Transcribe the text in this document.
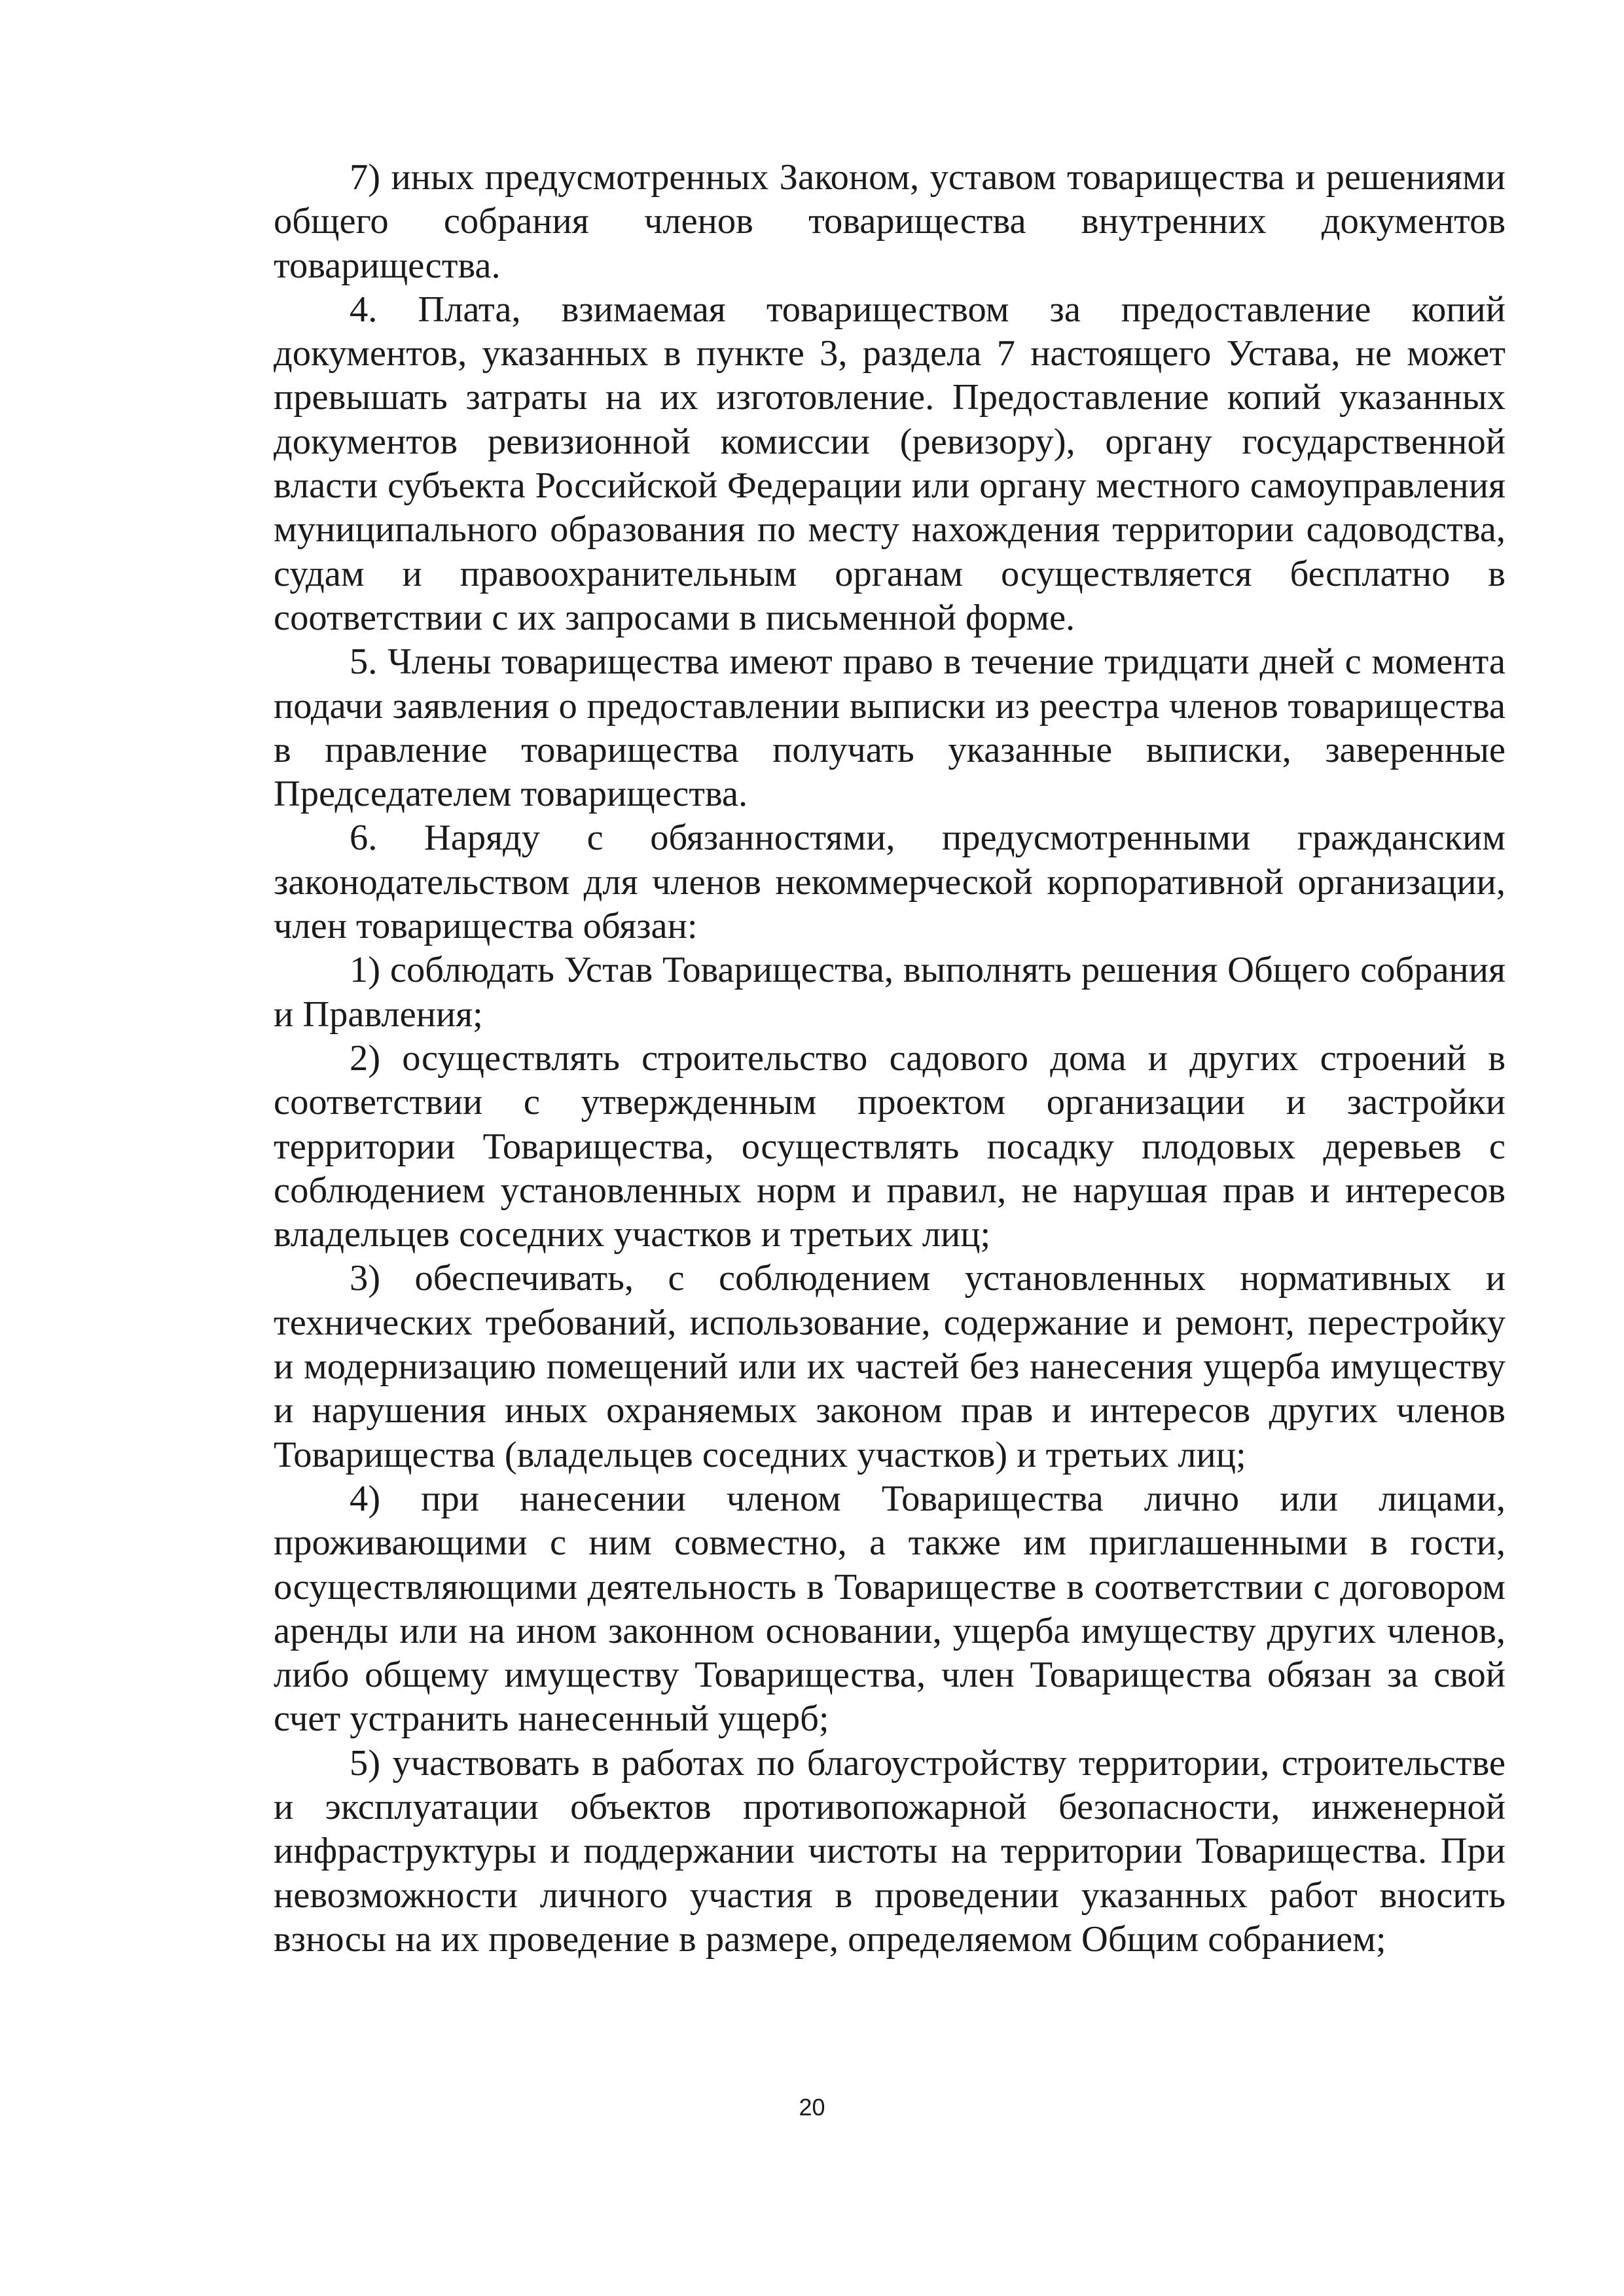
7) иных предусмотренных Законом, уставом товарищества и решениями общего собрания членов товарищества внутренних документов товарищества.

4. Плата, взимаемая товариществом за предоставление копий документов, указанных в пункте 3, раздела 7 настоящего Устава, не может превышать затраты на их изготовление. Предоставление копий указанных документов ревизионной комиссии (ревизору), органу государственной власти субъекта Российской Федерации или органу местного самоуправления муниципального образования по месту нахождения территории садоводства, судам и правоохранительным органам осуществляется бесплатно в соответствии с их запросами в письменной форме.

5. Члены товарищества имеют право в течение тридцати дней с момента подачи заявления о предоставлении выписки из реестра членов товарищества в правление товарищества получать указанные выписки, заверенные Председателем товарищества.

6. Наряду с обязанностями, предусмотренными гражданским законодательством для членов некоммерческой корпоративной организации, член товарищества обязан:

1) соблюдать Устав Товарищества, выполнять решения Общего собрания и Правления;

2) осуществлять строительство садового дома и других строений в соответствии с утвержденным проектом организации и застройки территории Товарищества, осуществлять посадку плодовых деревьев с соблюдением установленных норм и правил, не нарушая прав и интересов владельцев соседних участков и третьих лиц;

3) обеспечивать, с соблюдением установленных нормативных и технических требований, использование, содержание и ремонт, перестройку и модернизацию помещений или их частей без нанесения ущерба имуществу и нарушения иных охраняемых законом прав и интересов других членов Товарищества (владельцев соседних участков) и третьих лиц;

4) при нанесении членом Товарищества лично или лицами, проживающими с ним совместно, а также им приглашенными в гости, осуществляющими деятельность в Товариществе в соответствии с договором аренды или на ином законном основании, ущерба имуществу других членов, либо общему имуществу Товарищества, член Товарищества обязан за свой счет устранить нанесенный ущерб;

5) участвовать в работах по благоустройству территории, строительстве и эксплуатации объектов противопожарной безопасности, инженерной инфраструктуры и поддержании чистоты на территории Товарищества. При невозможности личного участия в проведении указанных работ вносить взносы на их проведение в размере, определяемом Общим собранием;

20
